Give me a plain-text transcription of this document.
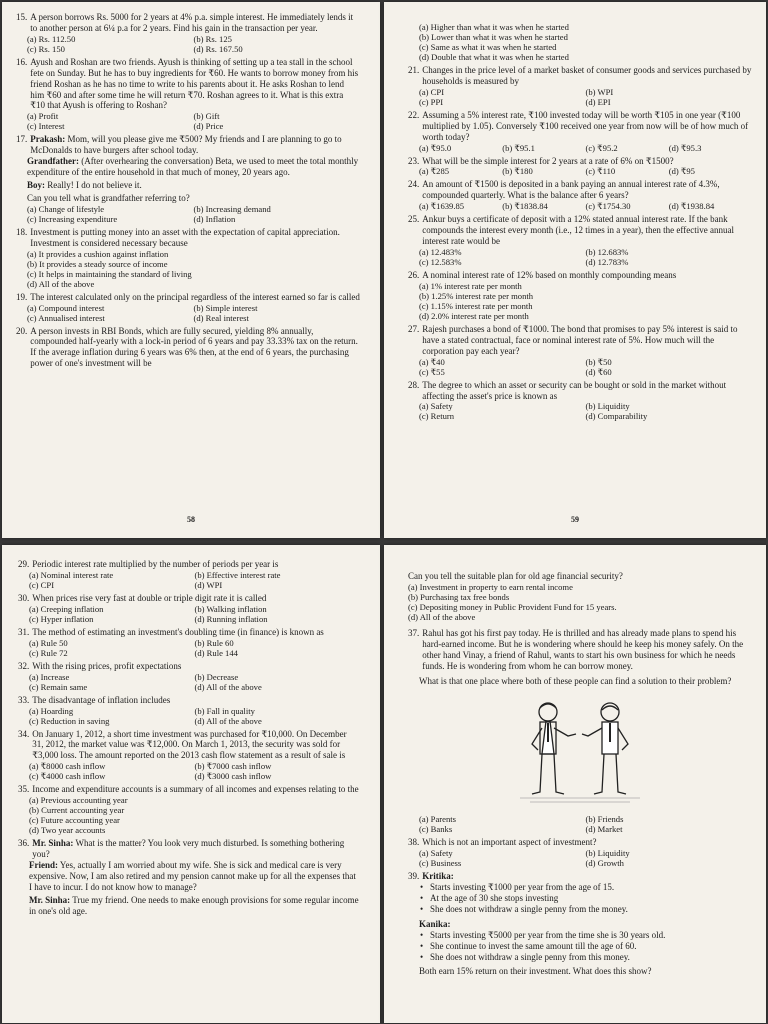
15. A person borrows Rs. 5000 for 2 years at 4% p.a. simple interest. He immediately lends it to another person at 6¼ p.a for 2 years. Find his gain in the transaction per year.
(a) Rs. 112.50	(b) Rs. 125
(c) Rs. 150	(d) Rs. 167.50
16. Ayush and Roshan are two friends. Ayush is thinking of setting up a tea stall in the school fete on Sunday. But he has to buy ingredients for ₹60. He wants to borrow money from his friend Roshan as he has no time to write to his parents about it. He asks Roshan to lend him ₹60 and after some time he will return ₹70. Roshan agrees to it. What is this extra ₹10 that Ayush is offering to Roshan?
(a) Profit	(b) Gift
(c) Interest	(d) Price
17. Prakash: Mom, will you please give me ₹500? My friends and I are planning to go to McDonalds to have burgers after school today.
Grandfather: (After overhearing the conversation) Beta, we used to meet the total monthly expenditure of the entire household in that much of money, 20 years ago.
Boy: Really! I do not believe it.
Can you tell what is grandfather referring to?
(a) Change of lifestyle	(b) Increasing demand
(c) Increasing expenditure	(d) Inflation
18. Investment is putting money into an asset with the expectation of capital appreciation. Investment is considered necessary because
(a) It provides a cushion against inflation
(b) It provides a steady source of income
(c) It helps in maintaining the standard of living
(d) All of the above
19. The interest calculated only on the principal regardless of the interest earned so far is called
(a) Compound interest	(b) Simple interest
(c) Annualised interest	(d) Real interest
20. A person invests in RBI Bonds, which are fully secured, yielding 8% annually, compounded half-yearly with a lock-in period of 6 years and pay 33.33% tax on the return. If the average inflation during 6 years was 6% then, at the end of 6 years, the purchasing power of one's investment will be
58
(a) Higher than what it was when he started
(b) Lower than what it was when he started
(c) Same as what it was when he started
(d) Double that what it was when he started
21. Changes in the price level of a market basket of consumer goods and services purchased by households is measured by
(a) CPI	(b) WPI
(c) PPI	(d) EPI
22. Assuming a 5% interest rate, ₹100 invested today will be worth ₹105 in one year (₹100 multiplied by 1.05). Conversely ₹100 received one year from now will be of how much of worth today?
(a) ₹95.0	(b) ₹95.1	(c) ₹95.2	(d) ₹95.3
23. What will be the simple interest for 2 years at a rate of 6% on ₹1500?
(a) ₹285	(b) ₹180	(c) ₹110	(d) ₹95
24. An amount of ₹1500 is deposited in a bank paying an annual interest rate of 4.3%, compounded quarterly. What is the balance after 6 years?
(a) ₹1639.85	(b) ₹1838.84	(c) ₹1754.30	(d) ₹1938.84
25. Ankur buys a certificate of deposit with a 12% stated annual interest rate. If the bank compounds the interest every month (i.e., 12 times in a year), then the effective annual interest rate would be
(a) 12.483%	(b) 12.683%
(c) 12.583%	(d) 12.783%
26. A nominal interest rate of 12% based on monthly compounding means
(a) 1% interest rate per month
(b) 1.25% interest rate per month
(c) 1.15% interest rate per month
(d) 2.0% interest rate per month
27. Rajesh purchases a bond of ₹1000. The bond that promises to pay 5% interest is said to have a stated contractual, face or nominal interest rate of 5%. How much will the corporation pay each year?
(a) ₹40	(b) ₹50
(c) ₹55	(d) ₹60
28. The degree to which an asset or security can be bought or sold in the market without affecting the asset's price is known as
(a) Safety	(b) Liquidity
(c) Return	(d) Comparability
59
29. Periodic interest rate multiplied by the number of periods per year is
(a) Nominal interest rate	(b) Effective interest rate
(c) CPI	(d) WPI
30. When prices rise very fast at double or triple digit rate it is called
(a) Creeping inflation	(b) Walking inflation
(c) Hyper inflation	(d) Running inflation
31. The method of estimating an investment's doubling time (in finance) is known as
(a) Rule 50	(b) Rule 60
(c) Rule 72	(d) Rule 144
32. With the rising prices, profit expectations
(a) Increase	(b) Decrease
(c) Remain same	(d) All of the above
33. The disadvantage of inflation includes
(a) Hoarding	(b) Fall in quality
(c) Reduction in saving	(d) All of the above
34. On January 1, 2012, a short time investment was purchased for ₹10,000. On December 31, 2012, the market value was ₹12,000. On March 1, 2013, the security was sold for ₹3,000 loss. The amount reported on the 2013 cash flow statement as a result of sale is
(a) ₹8000 cash inflow	(b) ₹7000 cash inflow
(c) ₹4000 cash inflow	(d) ₹3000 cash inflow
35. Income and expenditure accounts is a summary of all incomes and expenses relating to the
(a) Previous accounting year
(b) Current accounting year
(c) Future accounting year
(d) Two year accounts
36. Mr. Sinha: What is the matter? You look very much disturbed. Is something bothering you?
Friend: Yes, actually I am worried about my wife. She is sick and medical care is very expensive. Now, I am also retired and my pension cannot make up for all the expenses that I have to incur. I do not know how to manage?
Mr. Sinha: True my friend. One needs to make enough provisions for some regular income in one's old age.
Can you tell the suitable plan for old age financial security?
(a) Investment in property to earn rental income
(b) Purchasing tax free bonds
(c) Depositing money in Public Provident Fund for 15 years.
(d) All of the above
37. Rahul has got his first pay today. He is thrilled and has already made plans to spend his hard-earned income. But he is wondering where should he keep his money safely. On the other hand Vinay, a friend of Rahul, wants to start his own business for which he needs funds. He is wondering from whom he can borrow money.
What is that one place where both of these people can find a solution to their problem?
(a) Parents	(b) Friends
(c) Banks	(d) Market
38. Which is not an important aspect of investment?
(a) Safety	(b) Liquidity
(c) Business	(d) Growth
39. Kritika:
• Starts investing ₹1000 per year from the age of 15.
• At the age of 30 she stops investing
• She does not withdraw a single penny from the money.
Kanika:
• Starts investing ₹5000 per year from the time she is 30 years old.
• She continue to invest the same amount till the age of 60.
• She does not withdraw a single penny from this money.
Both earn 15% return on their investment. What does this show?
